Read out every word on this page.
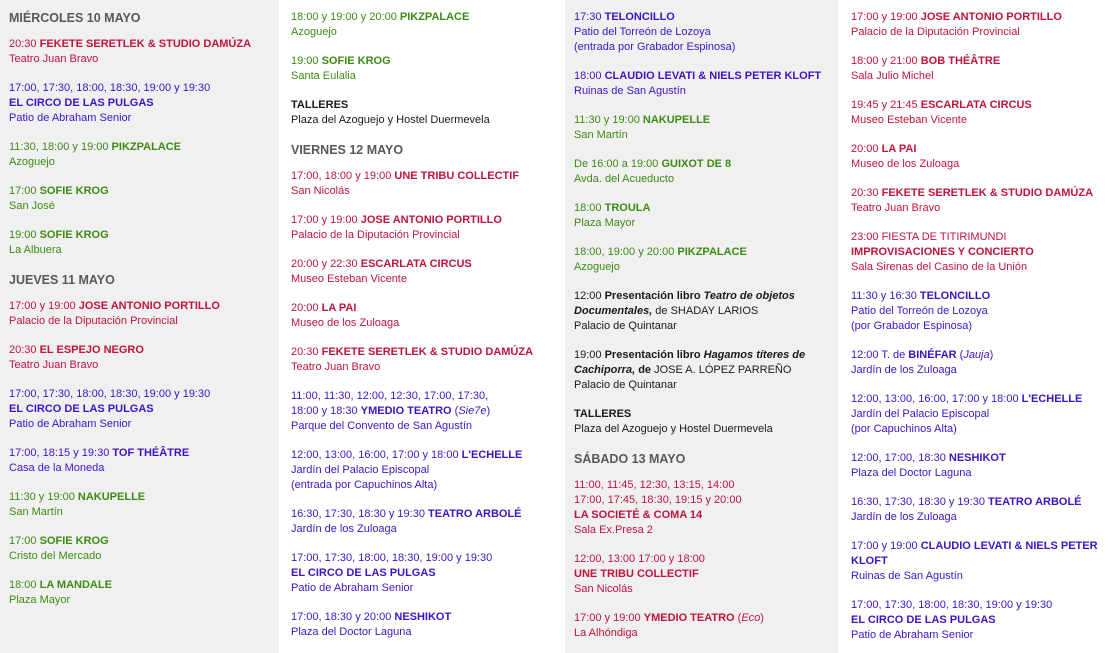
MIÉRCOLES 10 MAYO

20:30 FEKETE SERETLEK & STUDIO DAMÚZA

Teatro Juan Bravo

17:00, 17:30, 18:00, 18:30, 19:00 y 19:30

EL CIRCO DE LAS PULGAS

Patio de Abraham Senior

11:30, 18:00 y 19:00 PIKZPALACE

Azoguejo

17:00 SOFIE KROG

San José

19:00 SOFIE KROG

La Albuera

JUEVES 11 MAYO

17:00 y 19:00 JOSE ANTONIO PORTILLO

Palacio de la Diputación Provincial

20:30 EL ESPEJO NEGRO

Teatro Juan Bravo

17:00, 17:30, 18:00, 18:30, 19:00 y 19:30

EL CIRCO DE LAS PULGAS

Patio de Abraham Senior

17:00, 18:15 y 19:30 TOF THÉÂTRE

Casa de la Moneda

11:30 y 19:00 NAKUPELLE

San Martín

17:00 SOFIE KROG

Cristo del Mercado

18:00 LA MANDALE

Plaza Mayor

18:00 y 19:00 y 20:00 PIKZPALACE

Azoguejo

19:00 SOFIE KROG

Santa Eulalia

TALLERES

Plaza del Azoguejo y Hostel Duermevela

VIERNES 12 MAYO

17:00, 18:00 y 19:00 UNE TRIBU COLLECTIF

San Nicolás

17:00 y 19:00 JOSE ANTONIO PORTILLO

Palacio de la Diputación Provincial

20:00 y 22:30 ESCARLATA CIRCUS

Museo Esteban Vicente

20:00 LA PAI

Museo de los Zuloaga

20:30 FEKETE SERETLEK & STUDIO DAMÚZA

Teatro Juan Bravo

11:00, 11:30, 12:00, 12:30, 17:00, 17:30,

18:00 y 18:30 YMEDIO TEATRO (Sie7e)

Parque del Convento de San Agustín

12:00, 13:00, 16:00, 17:00 y 18:00 L'ECHELLE

Jardín del Palacio Episcopal

(entrada por Capuchinos Alta)

16:30, 17:30, 18:30 y 19:30 TEATRO ARBOLÉ

Jardín de los Zuloaga

17:00, 17:30, 18:00, 18:30, 19:00 y 19:30

EL CIRCO DE LAS PULGAS

Patio de Abraham Senior

17:00, 18:30 y 20:00 NESHIKOT

Plaza del Doctor Laguna

17:30 TELONCILLO

Patio del Torreón de Lozoya

(entrada por Grabador Espinosa)

18:00 CLAUDIO LEVATI & NIELS PETER KLOFT

Ruinas de San Agustín

11:30 y 19:00 NAKUPELLE

San Martín

De 16:00 a 19:00 GUIXOT DE 8

Avda. del Acueducto

18:00 TROULA

Plaza Mayor

18:00, 19:00 y 20:00 PIKZPALACE

Azoguejo

12:00 Presentación libro Teatro de objetos

Documentales, de SHADAY LARIOS

Palacio de Quintanar

19:00 Presentación libro Hagamos títeres de

Cachiporra, de JOSE A. LÓPEZ PARREÑO

Palacio de Quintanar

TALLERES

Plaza del Azoguejo y Hostel Duermevela

SÁBADO 13 MAYO

11:00, 11:45, 12:30, 13:15, 14:00

17:00, 17:45, 18:30, 19:15 y 20:00

LA SOCIETÉ & COMA 14

Sala Ex.Presa 2

12:00, 13:00 17:00 y 18:00

UNE TRIBU COLLECTIF

San Nicolás

17:00 y 19:00 YMEDIO TEATRO (Eco)

La Alhóndiga

17:00 y 19:00 JOSE ANTONIO PORTILLO

Palacio de la Diputación Provincial

18:00 y 21:00 BOB THÉÂTRE

Sala Julio Michel

19:45 y 21:45 ESCARLATA CIRCUS

Museo Esteban Vicente

20:00 LA PAI

Museo de los Zuloaga

20:30 FEKETE SERETLEK & STUDIO DAMÚZA

Teatro Juan Bravo

23:00 FIESTA DE TITIRIMUNDI

IMPROVISACIONES Y CONCIERTO

Sala Sirenas del Casino de la Unión

11:30 y 16:30 TELONCILLO

Patio del Torreón de Lozoya

(por Grabador Espinosa)

12:00 T. de BINÉFAR (Jauja)

Jardín de los Zuloaga

12:00, 13:00, 16:00, 17:00 y 18:00 L'ECHELLE

Jardín del Palacio Episcopal

(por Capuchinos Alta)

12:00, 17:00, 18:30 NESHIKOT

Plaza del Doctor Laguna

16:30, 17:30, 18:30 y 19:30 TEATRO ARBOLÉ

Jardín de los Zuloaga

17:00 y 19:00 CLAUDIO LEVATI & NIELS PETER

KLOFT

Ruinas de San Agustín

17:00, 17:30, 18:00, 18:30, 19:00 y 19:30

EL CIRCO DE LAS PULGAS

Patio de Abraham Senior
